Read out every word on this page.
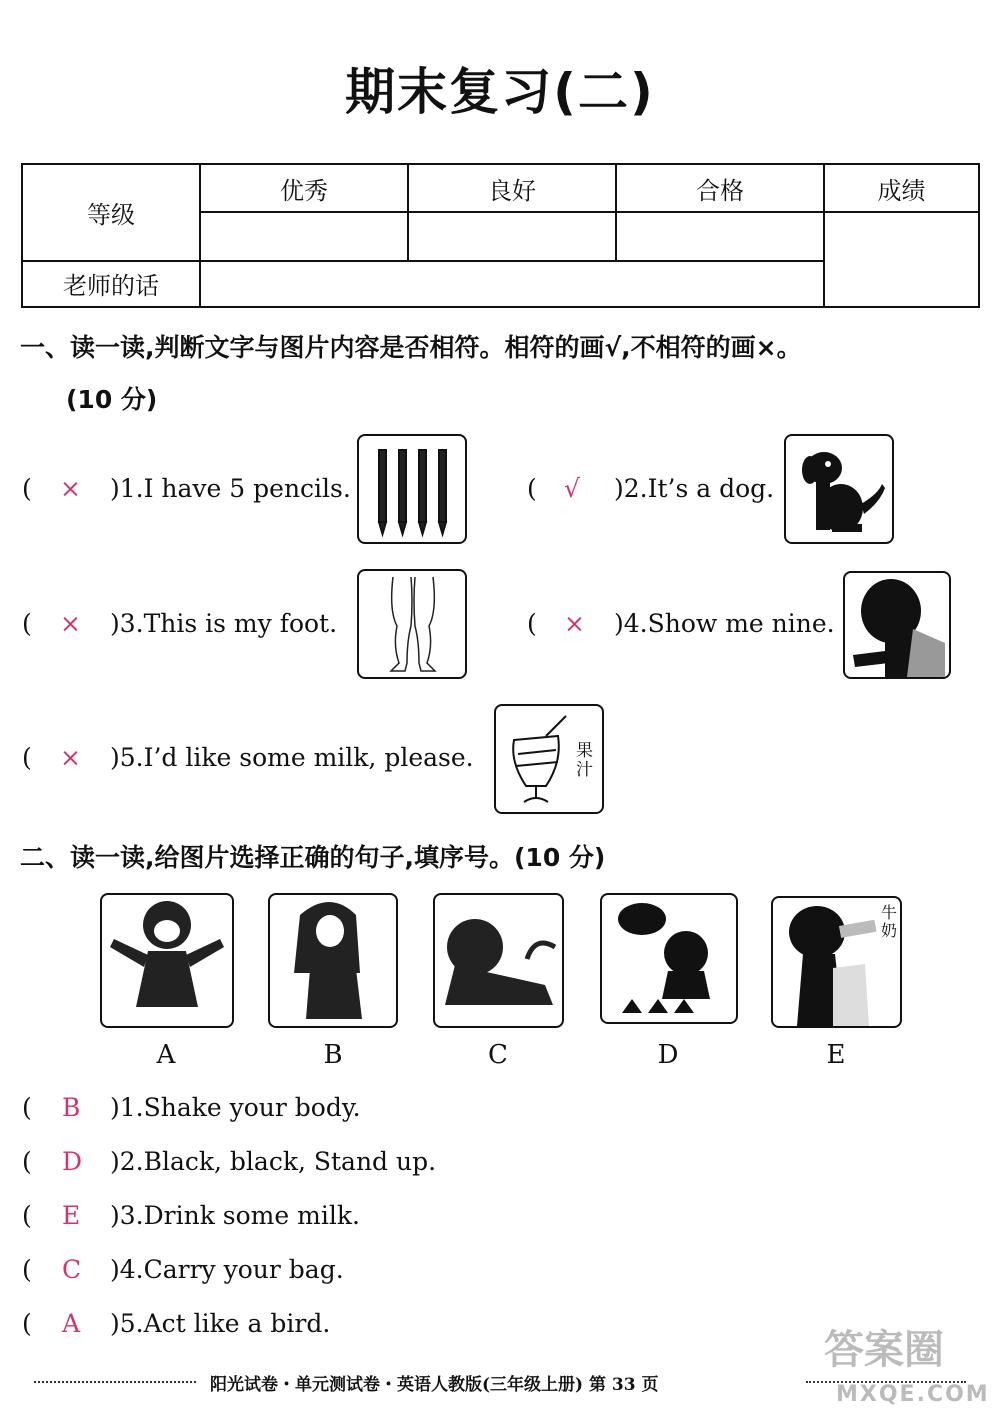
期末复习(二)
等级	优秀	良好	合格	成绩

老师的话				
一、读一读,判断文字与图片内容是否相符。相符的画√,不相符的画×。
(10 分)
( × )1.I have 5 pencils.	( √ )2.It’s a dog.
( × )3.This is my foot.	( × )4.Show me nine.
( × )5.I’d like some milk, please.	果
汁
二、读一读,给图片选择正确的句子,填序号。(10 分)
牛
奶
A	B	C	D	E
( B )1.Shake your body.
( D )2.Black, black, Stand up.
( E )3.Drink some milk.
( C )4.Carry your bag.
( A )5.Act like a bird.
阳光试卷・单元测试卷・英语人教版(三年级上册) 第 33 页
答案圈
MXQE.COM
